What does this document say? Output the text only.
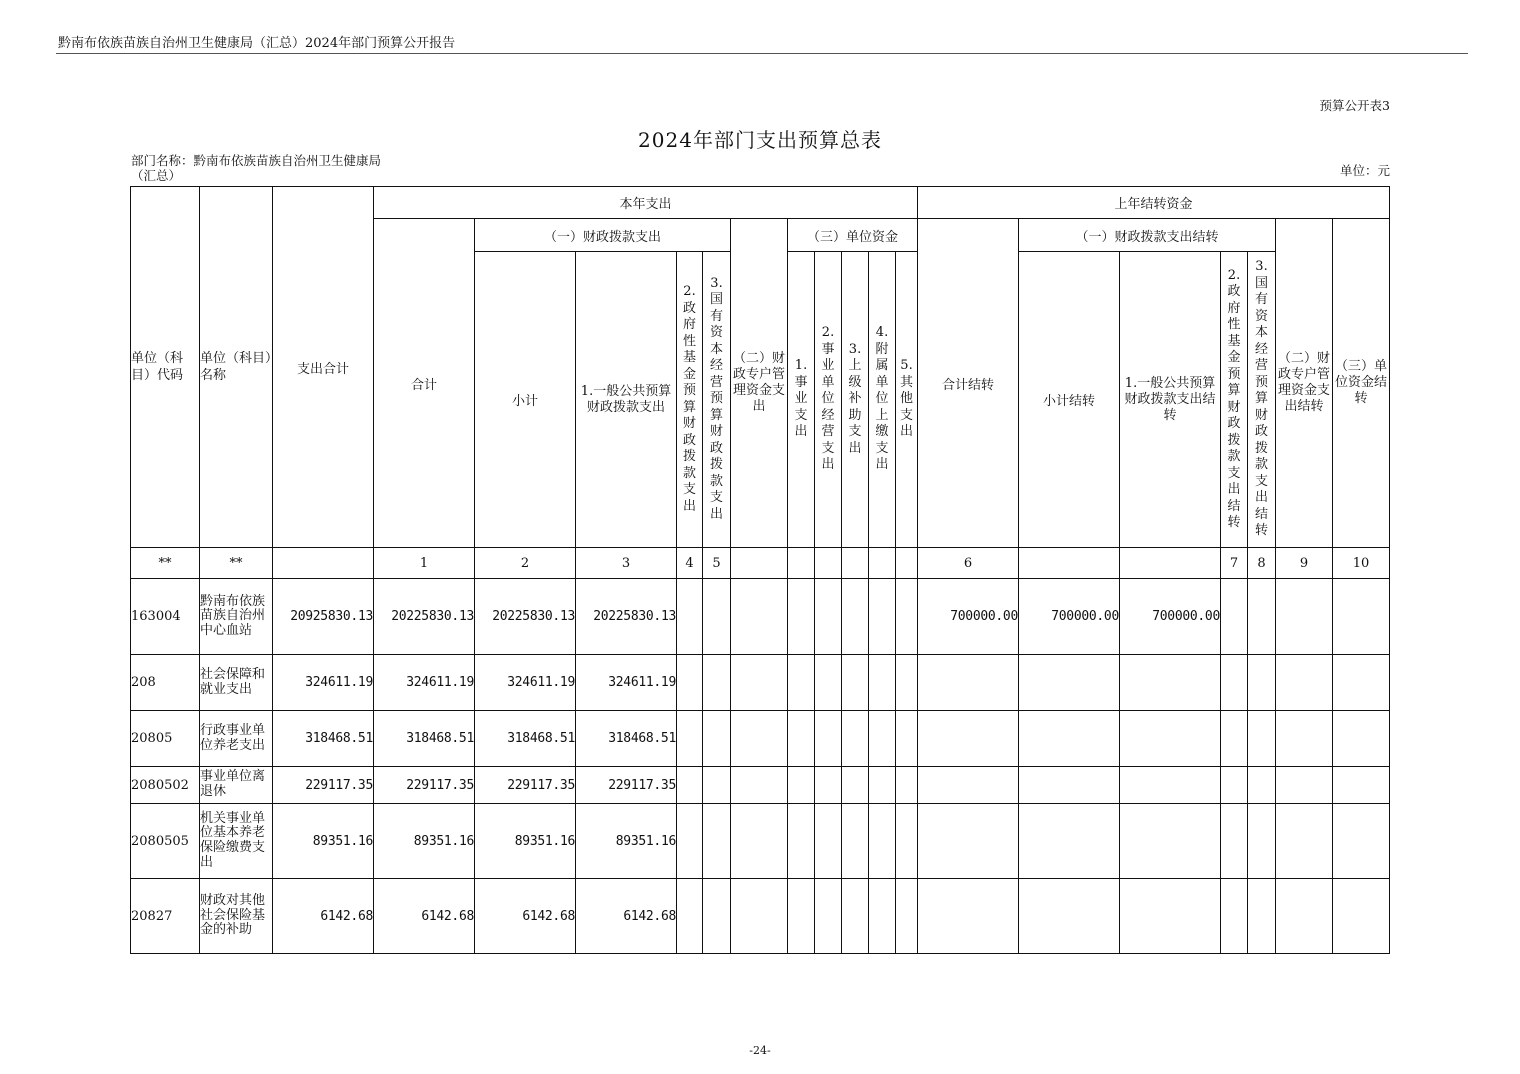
黔南布依族苗族自治州卫生健康局（汇总）2024年部门预算公开报告
预算公开表3
2024年部门支出预算总表
部门名称：黔南布依族苗族自治州卫生健康局（汇总）	单位：元
单位（科目）代码	单位（科目）名称	支出合计	本年支出											上年结转资金						
			合计	（一）财政拨款支出				（二）财政专户管理资金支出	（三）单位资金					合计结转	（一）财政拨款支出结转				（二）财政专户管理资金支出结转	（三）单位资金结转
				小计	1.一般公共预算财政拨款支出	2.政府性基金预算财政拨款支出	3.国有资本经营预算财政拨款支出		1.事业支出	2.事业单位经营支出	3.上级补助支出	4.附属单位上缴支出	5.其他支出		小计结转	1.一般公共预算财政拨款支出结转	2.政府性基金预算财政拨款支出结转	3.国有资本经营预算财政拨款支出结转		

**	**		1	2	3	4	5							6			7	8	9	10
163004	黔南布依族苗族自治州中心血站	20925830.13	20225830.13	20225830.13	20225830.13									700000.00	700000.00	700000.00				
208	社会保障和就业支出	324611.19	324611.19	324611.19	324611.19															
20805	行政事业单位养老支出	318468.51	318468.51	318468.51	318468.51															
2080502	事业单位离退休	229117.35	229117.35	229117.35	229117.35															
2080505	机关事业单位基本养老保险缴费支出	89351.16	89351.16	89351.16	89351.16															
20827	财政对其他社会保险基金的补助	6142.68	6142.68	6142.68	6142.68															
-24-
